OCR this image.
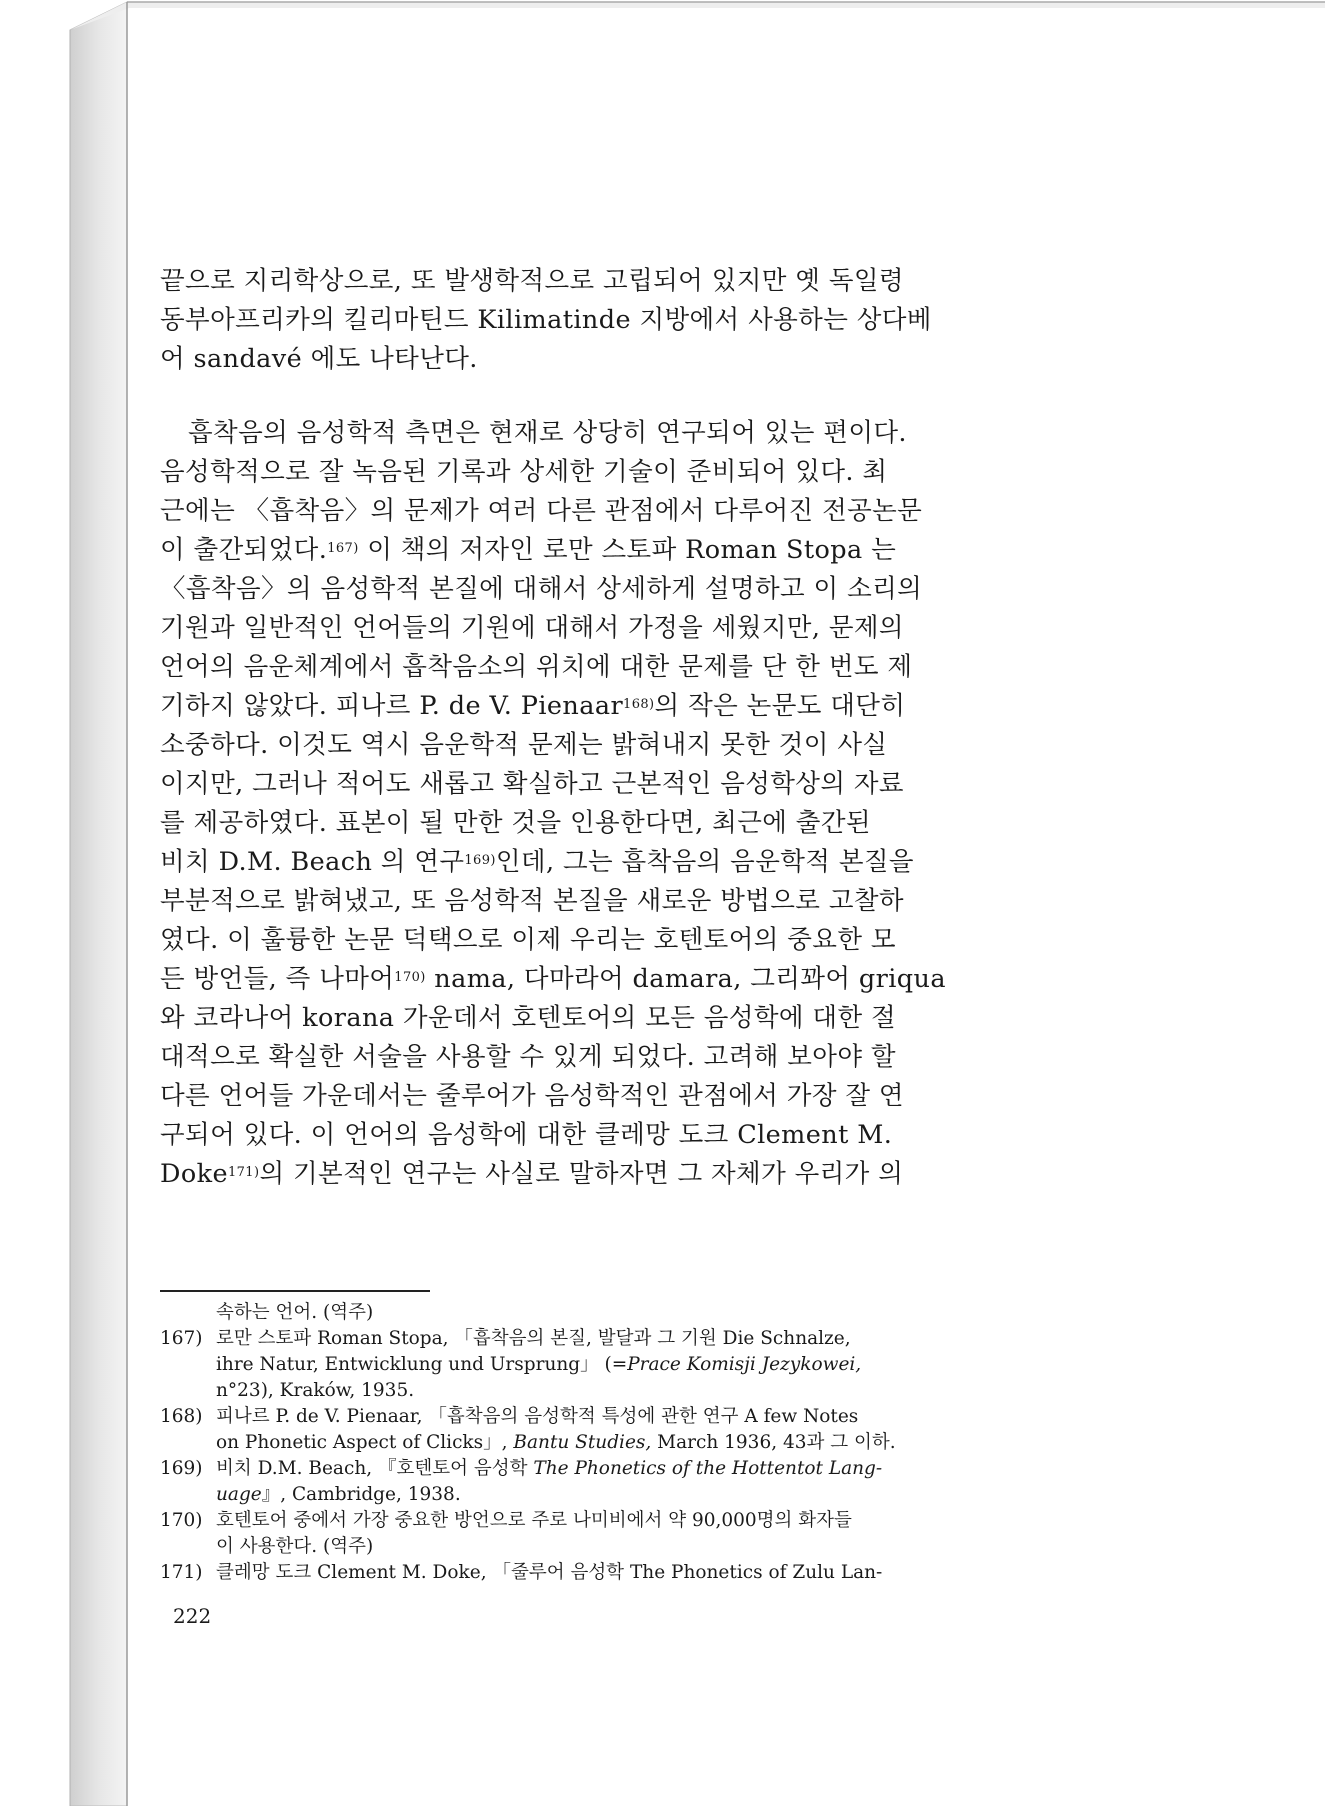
끝으로 지리학상으로, 또 발생학적으로 고립되어 있지만 옛 독일령
동부아프리카의 킬리마틴드 Kilimatinde 지방에서 사용하는 상다베
어 sandavé 에도 나타난다.
흡착음의 음성학적 측면은 현재로 상당히 연구되어 있는 편이다.
음성학적으로 잘 녹음된 기록과 상세한 기술이 준비되어 있다. 최
근에는 〈흡착음〉의 문제가 여러 다른 관점에서 다루어진 전공논문
이 출간되었다.$^{167)}$ 이 책의 저자인 로만 스토파 Roman Stopa 는
〈흡착음〉의 음성학적 본질에 대해서 상세하게 설명하고 이 소리의
기원과 일반적인 언어들의 기원에 대해서 가정을 세웠지만, 문제의
언어의 음운체계에서 흡착음소의 위치에 대한 문제를 단 한 번도 제
기하지 않았다. 피나르 P. de V. Pienaar$^{168)}$의 작은 논문도 대단히
소중하다. 이것도 역시 음운학적 문제는 밝혀내지 못한 것이 사실
이지만, 그러나 적어도 새롭고 확실하고 근본적인 음성학상의 자료
를 제공하였다. 표본이 될 만한 것을 인용한다면, 최근에 출간된
비치 D.M. Beach 의 연구$^{169)}$인데, 그는 흡착음의 음운학적 본질을
부분적으로 밝혀냈고, 또 음성학적 본질을 새로운 방법으로 고찰하
였다. 이 훌륭한 논문 덕택으로 이제 우리는 호텐토어의 중요한 모
든 방언들, 즉 나마어$^{170)}$ nama, 다마라어 damara, 그리꽈어 griqua
와 코라나어 korana 가운데서 호텐토어의 모든 음성학에 대한 절
대적으로 확실한 서술을 사용할 수 있게 되었다. 고려해 보아야 할
다른 언어들 가운데서는 줄루어가 음성학적인 관점에서 가장 잘 연
구되어 있다. 이 언어의 음성학에 대한 클레망 도크 Clement M.
Doke$^{171)}$의 기본적인 연구는 사실로 말하자면 그 자체가 우리가 의
속하는 언어. (역주)
167) 로만 스토파 Roman Stopa, 「흡착음의 본질, 발달과 그 기원 Die Schnalze,
ihre Natur, Entwicklung und Ursprung」 (=Prace Komisji Jezykowei,
n°23), Kraków, 1935.
168) 피나르 P. de V. Pienaar, 「흡착음의 음성학적 특성에 관한 연구 A few Notes
on Phonetic Aspect of Clicks」, Bantu Studies, March 1936, 43과 그 이하.
169) 비치 D.M. Beach, 『호텐토어 음성학 The Phonetics of the Hottentot Lang-
uage』, Cambridge, 1938.
170) 호텐토어 중에서 가장 중요한 방언으로 주로 나미비에서 약 90,000명의 화자들
이 사용한다. (역주)
171) 클레망 도크 Clement M. Doke, 「줄루어 음성학 The Phonetics of Zulu Lan-
222
